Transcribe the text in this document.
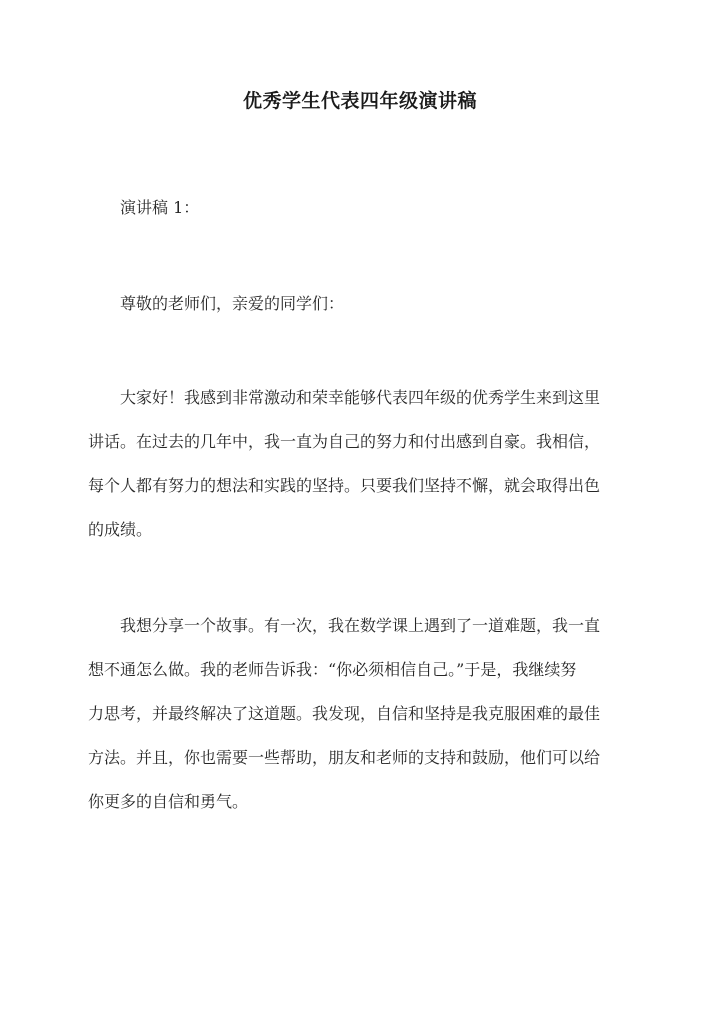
优秀学生代表四年级演讲稿

演讲稿 1：

尊敬的老师们，亲爱的同学们：

大家好！我感到非常激动和荣幸能够代表四年级的优秀学生来到这里

讲话。在过去的几年中，我一直为自己的努力和付出感到自豪。我相信，

每个人都有努力的想法和实践的坚持。只要我们坚持不懈，就会取得出色

的成绩。

我想分享一个故事。有一次，我在数学课上遇到了一道难题，我一直

想不通怎么做。我的老师告诉我：“你必须相信自己。”于是，我继续努

力思考，并最终解决了这道题。我发现，自信和坚持是我克服困难的最佳

方法。并且，你也需要一些帮助，朋友和老师的支持和鼓励，他们可以给

你更多的自信和勇气。
